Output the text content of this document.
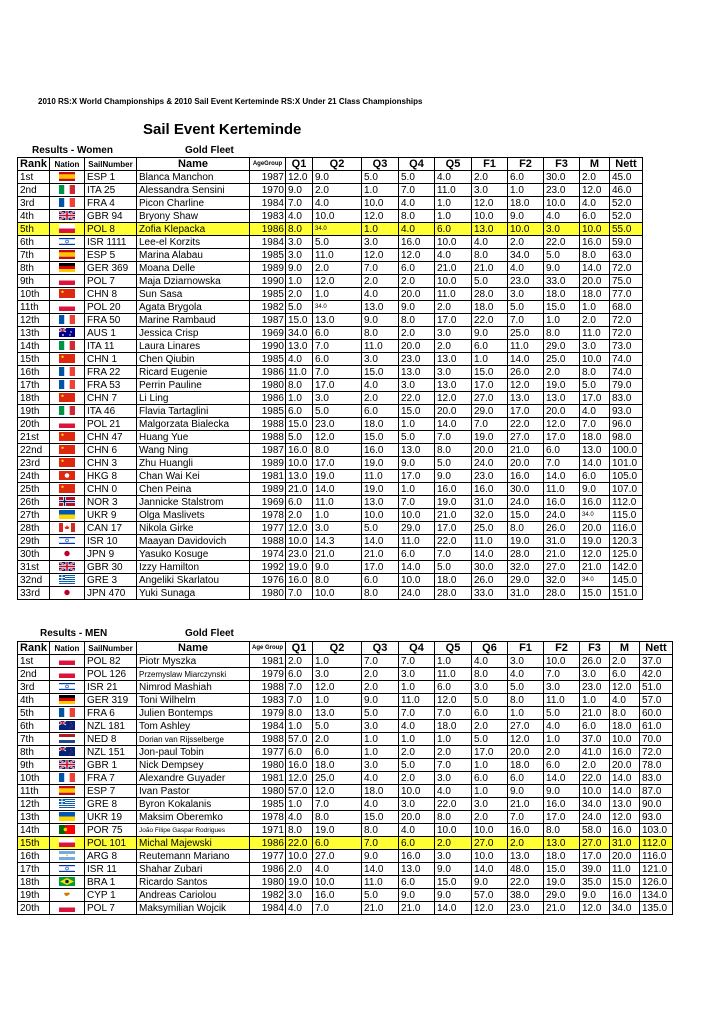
2010 RS:X World Championships & 2010 Sail Event Kerteminde RS:X Under 21 Class Championships
Sail Event Kerteminde
Results - Women	Gold Fleet
Rank	Nation	SailNumber	Name	AgeGroup	Q1	Q2	Q3	Q4	Q5	F1	F2	F3	M	Nett
1st		ESP 1	Blanca Manchon	1987	12.0	9.0	5.0	5.0	4.0	2.0	6.0	30.0	2.0	45.0
2nd		ITA 25	Alessandra Sensini	1970	9.0	2.0	1.0	7.0	11.0	3.0	1.0	23.0	12.0	46.0
3rd		FRA 4	Picon Charline	1984	7.0	4.0	10.0	4.0	1.0	12.0	18.0	10.0	4.0	52.0
4th		GBR 94	Bryony Shaw	1983	4.0	10.0	12.0	8.0	1.0	10.0	9.0	4.0	6.0	52.0
5th		POL 8	Zofia Klepacka	1986	8.0	34.0	1.0	4.0	6.0	13.0	10.0	3.0	10.0	55.0
6th		ISR 1111	Lee-el Korzits	1984	3.0	5.0	3.0	16.0	10.0	4.0	2.0	22.0	16.0	59.0
7th		ESP 5	Marina Alabau	1985	3.0	11.0	12.0	12.0	4.0	8.0	34.0	5.0	8.0	63.0
8th		GER 369	Moana Delle	1989	9.0	2.0	7.0	6.0	21.0	21.0	4.0	9.0	14.0	72.0
9th		POL 7	Maja Dziarnowska	1990	1.0	12.0	2.0	2.0	10.0	5.0	23.0	33.0	20.0	75.0
10th		CHN 8	Sun Sasa	1985	2.0	1.0	4.0	20.0	11.0	28.0	3.0	18.0	18.0	77.0
11th		POL 20	Agata Brygola	1982	5.0	34.0	13.0	9.0	2.0	18.0	5.0	15.0	1.0	68.0
12th		FRA 50	Marine Rambaud	1987	15.0	13.0	9.0	8.0	17.0	22.0	7.0	1.0	2.0	72.0
13th		AUS 1	Jessica Crisp	1969	34.0	6.0	8.0	2.0	3.0	9.0	25.0	8.0	11.0	72.0
14th		ITA 11	Laura Linares	1990	13.0	7.0	11.0	20.0	2.0	6.0	11.0	29.0	3.0	73.0
15th		CHN 1	Chen Qiubin	1985	4.0	6.0	3.0	23.0	13.0	1.0	14.0	25.0	10.0	74.0
16th		FRA 22	Ricard Eugenie	1986	11.0	7.0	15.0	13.0	3.0	15.0	26.0	2.0	8.0	74.0
17th		FRA 53	Perrin Pauline	1980	8.0	17.0	4.0	3.0	13.0	17.0	12.0	19.0	5.0	79.0
18th		CHN 7	Li Ling	1986	1.0	3.0	2.0	22.0	12.0	27.0	13.0	13.0	17.0	83.0
19th		ITA 46	Flavia Tartaglini	1985	6.0	5.0	6.0	15.0	20.0	29.0	17.0	20.0	4.0	93.0
20th		POL 21	Malgorzata Bialecka	1988	15.0	23.0	18.0	1.0	14.0	7.0	22.0	12.0	7.0	96.0
21st		CHN 47	Huang Yue	1988	5.0	12.0	15.0	5.0	7.0	19.0	27.0	17.0	18.0	98.0
22nd		CHN 6	Wang Ning	1987	16.0	8.0	16.0	13.0	8.0	20.0	21.0	6.0	13.0	100.0
23rd		CHN 3	Zhu Huangli	1989	10.0	17.0	19.0	9.0	5.0	24.0	20.0	7.0	14.0	101.0
24th		HKG 8	Chan Wai Kei	1981	13.0	19.0	11.0	17.0	9.0	23.0	16.0	14.0	6.0	105.0
25th		CHN 0	Chen Peina	1989	21.0	14.0	19.0	1.0	16.0	16.0	30.0	11.0	9.0	107.0
26th		NOR 3	Jannicke Stalstrom	1969	6.0	11.0	13.0	7.0	19.0	31.0	24.0	16.0	16.0	112.0
27th		UKR 9	Olga Maslivets	1978	2.0	1.0	10.0	10.0	21.0	32.0	15.0	24.0	34.0	115.0
28th		CAN 17	Nikola Girke	1977	12.0	3.0	5.0	29.0	17.0	25.0	8.0	26.0	20.0	116.0
29th		ISR 10	Maayan Davidovich	1988	10.0	14.3	14.0	11.0	22.0	11.0	19.0	31.0	19.0	120.3
30th		JPN 9	Yasuko Kosuge	1974	23.0	21.0	21.0	6.0	7.0	14.0	28.0	21.0	12.0	125.0
31st		GBR 30	Izzy Hamilton	1992	19.0	9.0	17.0	14.0	5.0	30.0	32.0	27.0	21.0	142.0
32nd		GRE 3	Angeliki Skarlatou	1976	16.0	8.0	6.0	10.0	18.0	26.0	29.0	32.0	34.0	145.0
33rd		JPN 470	Yuki Sunaga	1980	7.0	10.0	8.0	24.0	28.0	33.0	31.0	28.0	15.0	151.0
Results - MEN	Gold Fleet
Rank	Nation	SailNumber	Name	Age Group	Q1	Q2	Q3	Q4	Q5	Q6	F1	F2	F3	M	Nett
1st		POL 82	Piotr Myszka	1981	2.0	1.0	7.0	7.0	1.0	4.0	3.0	10.0	26.0	2.0	37.0
2nd		POL 126	Przemyslaw Miarczynski	1979	6.0	3.0	2.0	3.0	11.0	8.0	4.0	7.0	3.0	6.0	42.0
3rd		ISR 21	Nimrod Mashiah	1988	7.0	12.0	2.0	1.0	6.0	3.0	5.0	3.0	23.0	12.0	51.0
4th		GER 319	Toni Wilhelm	1983	7.0	1.0	9.0	11.0	12.0	5.0	8.0	11.0	1.0	4.0	57.0
5th		FRA 6	Julien Bontemps	1979	8.0	13.0	5.0	7.0	7.0	6.0	1.0	5.0	21.0	8.0	60.0
6th		NZL 181	Tom Ashley	1984	1.0	5.0	3.0	4.0	18.0	2.0	27.0	4.0	6.0	18.0	61.0
7th		NED 8	Dorian van Rijsselberge	1988	57.0	2.0	1.0	1.0	1.0	5.0	12.0	1.0	37.0	10.0	70.0
8th		NZL 151	Jon-paul Tobin	1977	6.0	6.0	1.0	2.0	2.0	17.0	20.0	2.0	41.0	16.0	72.0
9th		GBR 1	Nick Dempsey	1980	16.0	18.0	3.0	5.0	7.0	1.0	18.0	6.0	2.0	20.0	78.0
10th		FRA 7	Alexandre Guyader	1981	12.0	25.0	4.0	2.0	3.0	6.0	6.0	14.0	22.0	14.0	83.0
11th		ESP 7	Ivan Pastor	1980	57.0	12.0	18.0	10.0	4.0	1.0	9.0	9.0	10.0	14.0	87.0
12th		GRE 8	Byron Kokalanis	1985	1.0	7.0	4.0	3.0	22.0	3.0	21.0	16.0	34.0	13.0	90.0
13th		UKR 19	Maksim Oberemko	1978	4.0	8.0	15.0	20.0	8.0	2.0	7.0	17.0	24.0	12.0	93.0
14th		POR 75	João Filipe Gaspar Rodrigues	1971	8.0	19.0	8.0	4.0	10.0	10.0	16.0	8.0	58.0	16.0	103.0
15th		POL 101	Michal Majewski	1986	22.0	6.0	7.0	6.0	2.0	27.0	2.0	13.0	27.0	31.0	112.0
16th		ARG 8	Reutemann Mariano	1977	10.0	27.0	9.0	16.0	3.0	10.0	13.0	18.0	17.0	20.0	116.0
17th		ISR 11	Shahar Zubari	1986	2.0	4.0	14.0	13.0	9.0	14.0	48.0	15.0	39.0	11.0	121.0
18th		BRA 1	Ricardo Santos	1980	19.0	10.0	11.0	6.0	15.0	9.0	22.0	19.0	35.0	15.0	126.0
19th		CYP 1	Andreas Cariolou	1982	3.0	16.0	5.0	9.0	9.0	57.0	38.0	29.0	9.0	16.0	134.0
20th		POL 7	Maksymilian Wojcik	1984	4.0	7.0	21.0	21.0	14.0	12.0	23.0	21.0	12.0	34.0	135.0
